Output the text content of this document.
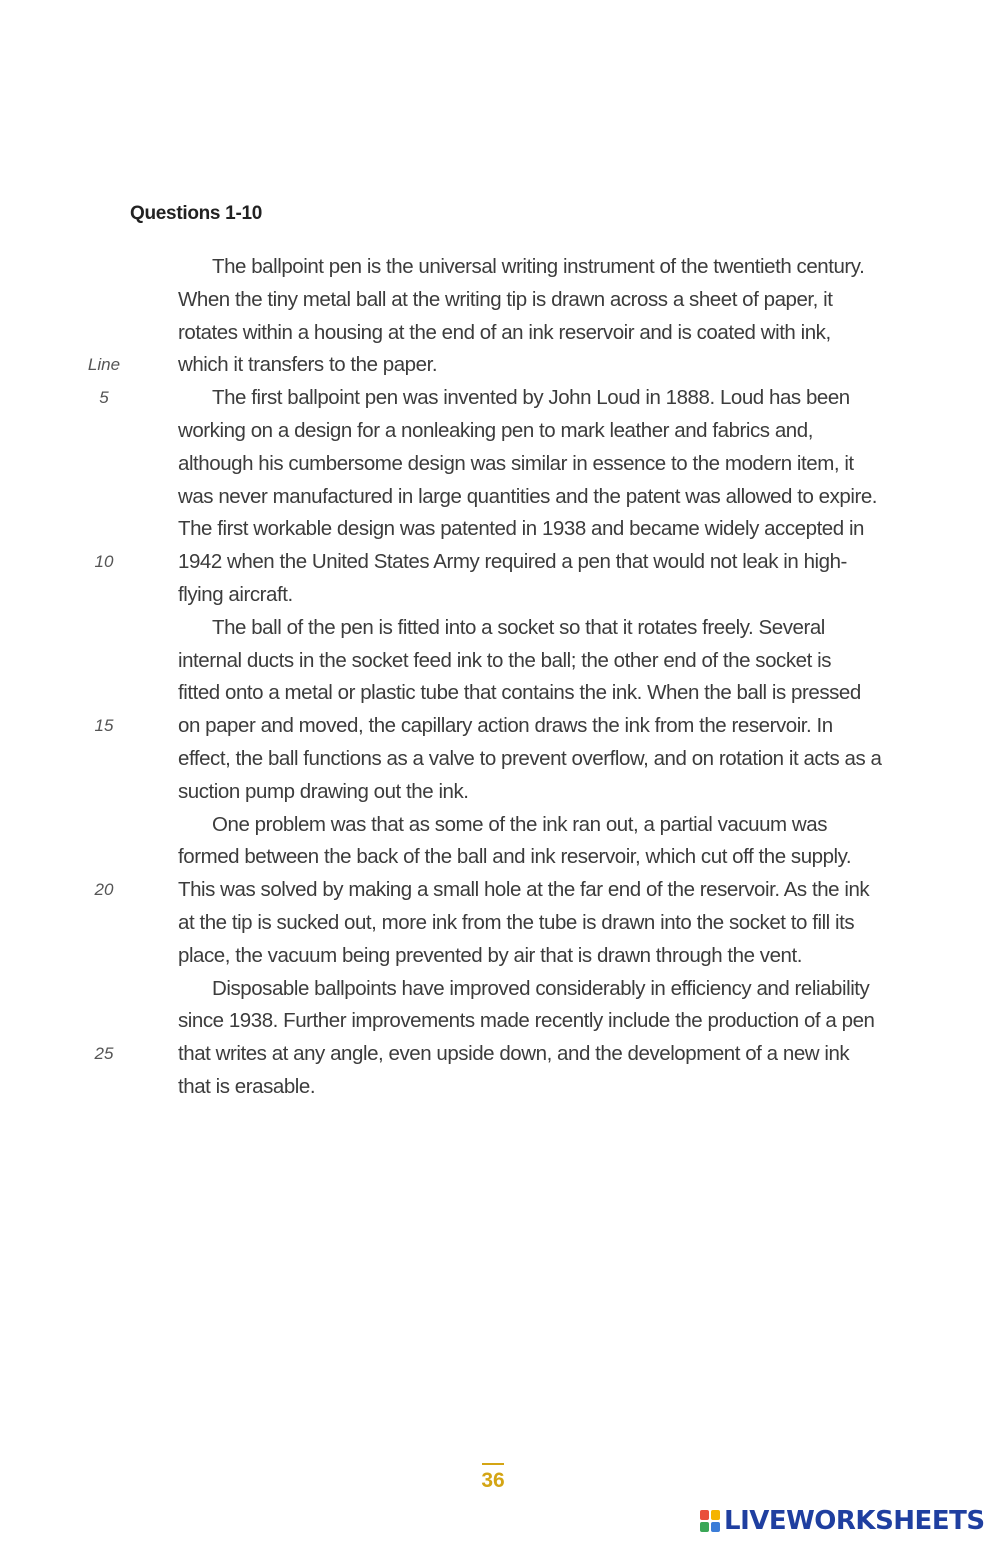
Questions 1-10
The ballpoint pen is the universal writing instrument of the twentieth century.
When the tiny metal ball at the writing tip is drawn across a sheet of paper, it
rotates within a housing at the end of an ink reservoir and is coated with ink,
which it transfers to the paper.
The first ballpoint pen was invented by John Loud in 1888. Loud has been
working on a design for a nonleaking pen to mark leather and fabrics and,
although his cumbersome design was similar in essence to the modern item, it
was never manufactured in large quantities and the patent was allowed to expire.
The first workable design was patented in 1938 and became widely accepted in
1942 when the United States Army required a pen that would not leak in high-
flying aircraft.
The ball of the pen is fitted into a socket so that it rotates freely. Several
internal ducts in the socket feed ink to the ball; the other end of the socket is
fitted onto a metal or plastic tube that contains the ink. When the ball is pressed
on paper and moved, the capillary action draws the ink from the reservoir. In
effect, the ball functions as a valve to prevent overflow, and on rotation it acts as a
suction pump drawing out the ink.
One problem was that as some of the ink ran out, a partial vacuum was
formed between the back of the ball and ink reservoir, which cut off the supply.
This was solved by making a small hole at the far end of the reservoir. As the ink
at the tip is sucked out, more ink from the tube is drawn into the socket to fill its
place, the vacuum being prevented by air that is drawn through the vent.
Disposable ballpoints have improved considerably in efficiency and reliability
since 1938. Further improvements made recently include the production of a pen
that writes at any angle, even upside down, and the development of a new ink
that is erasable.
Line
5
10
15
20
25
36
LIVEWORKSHEETS
